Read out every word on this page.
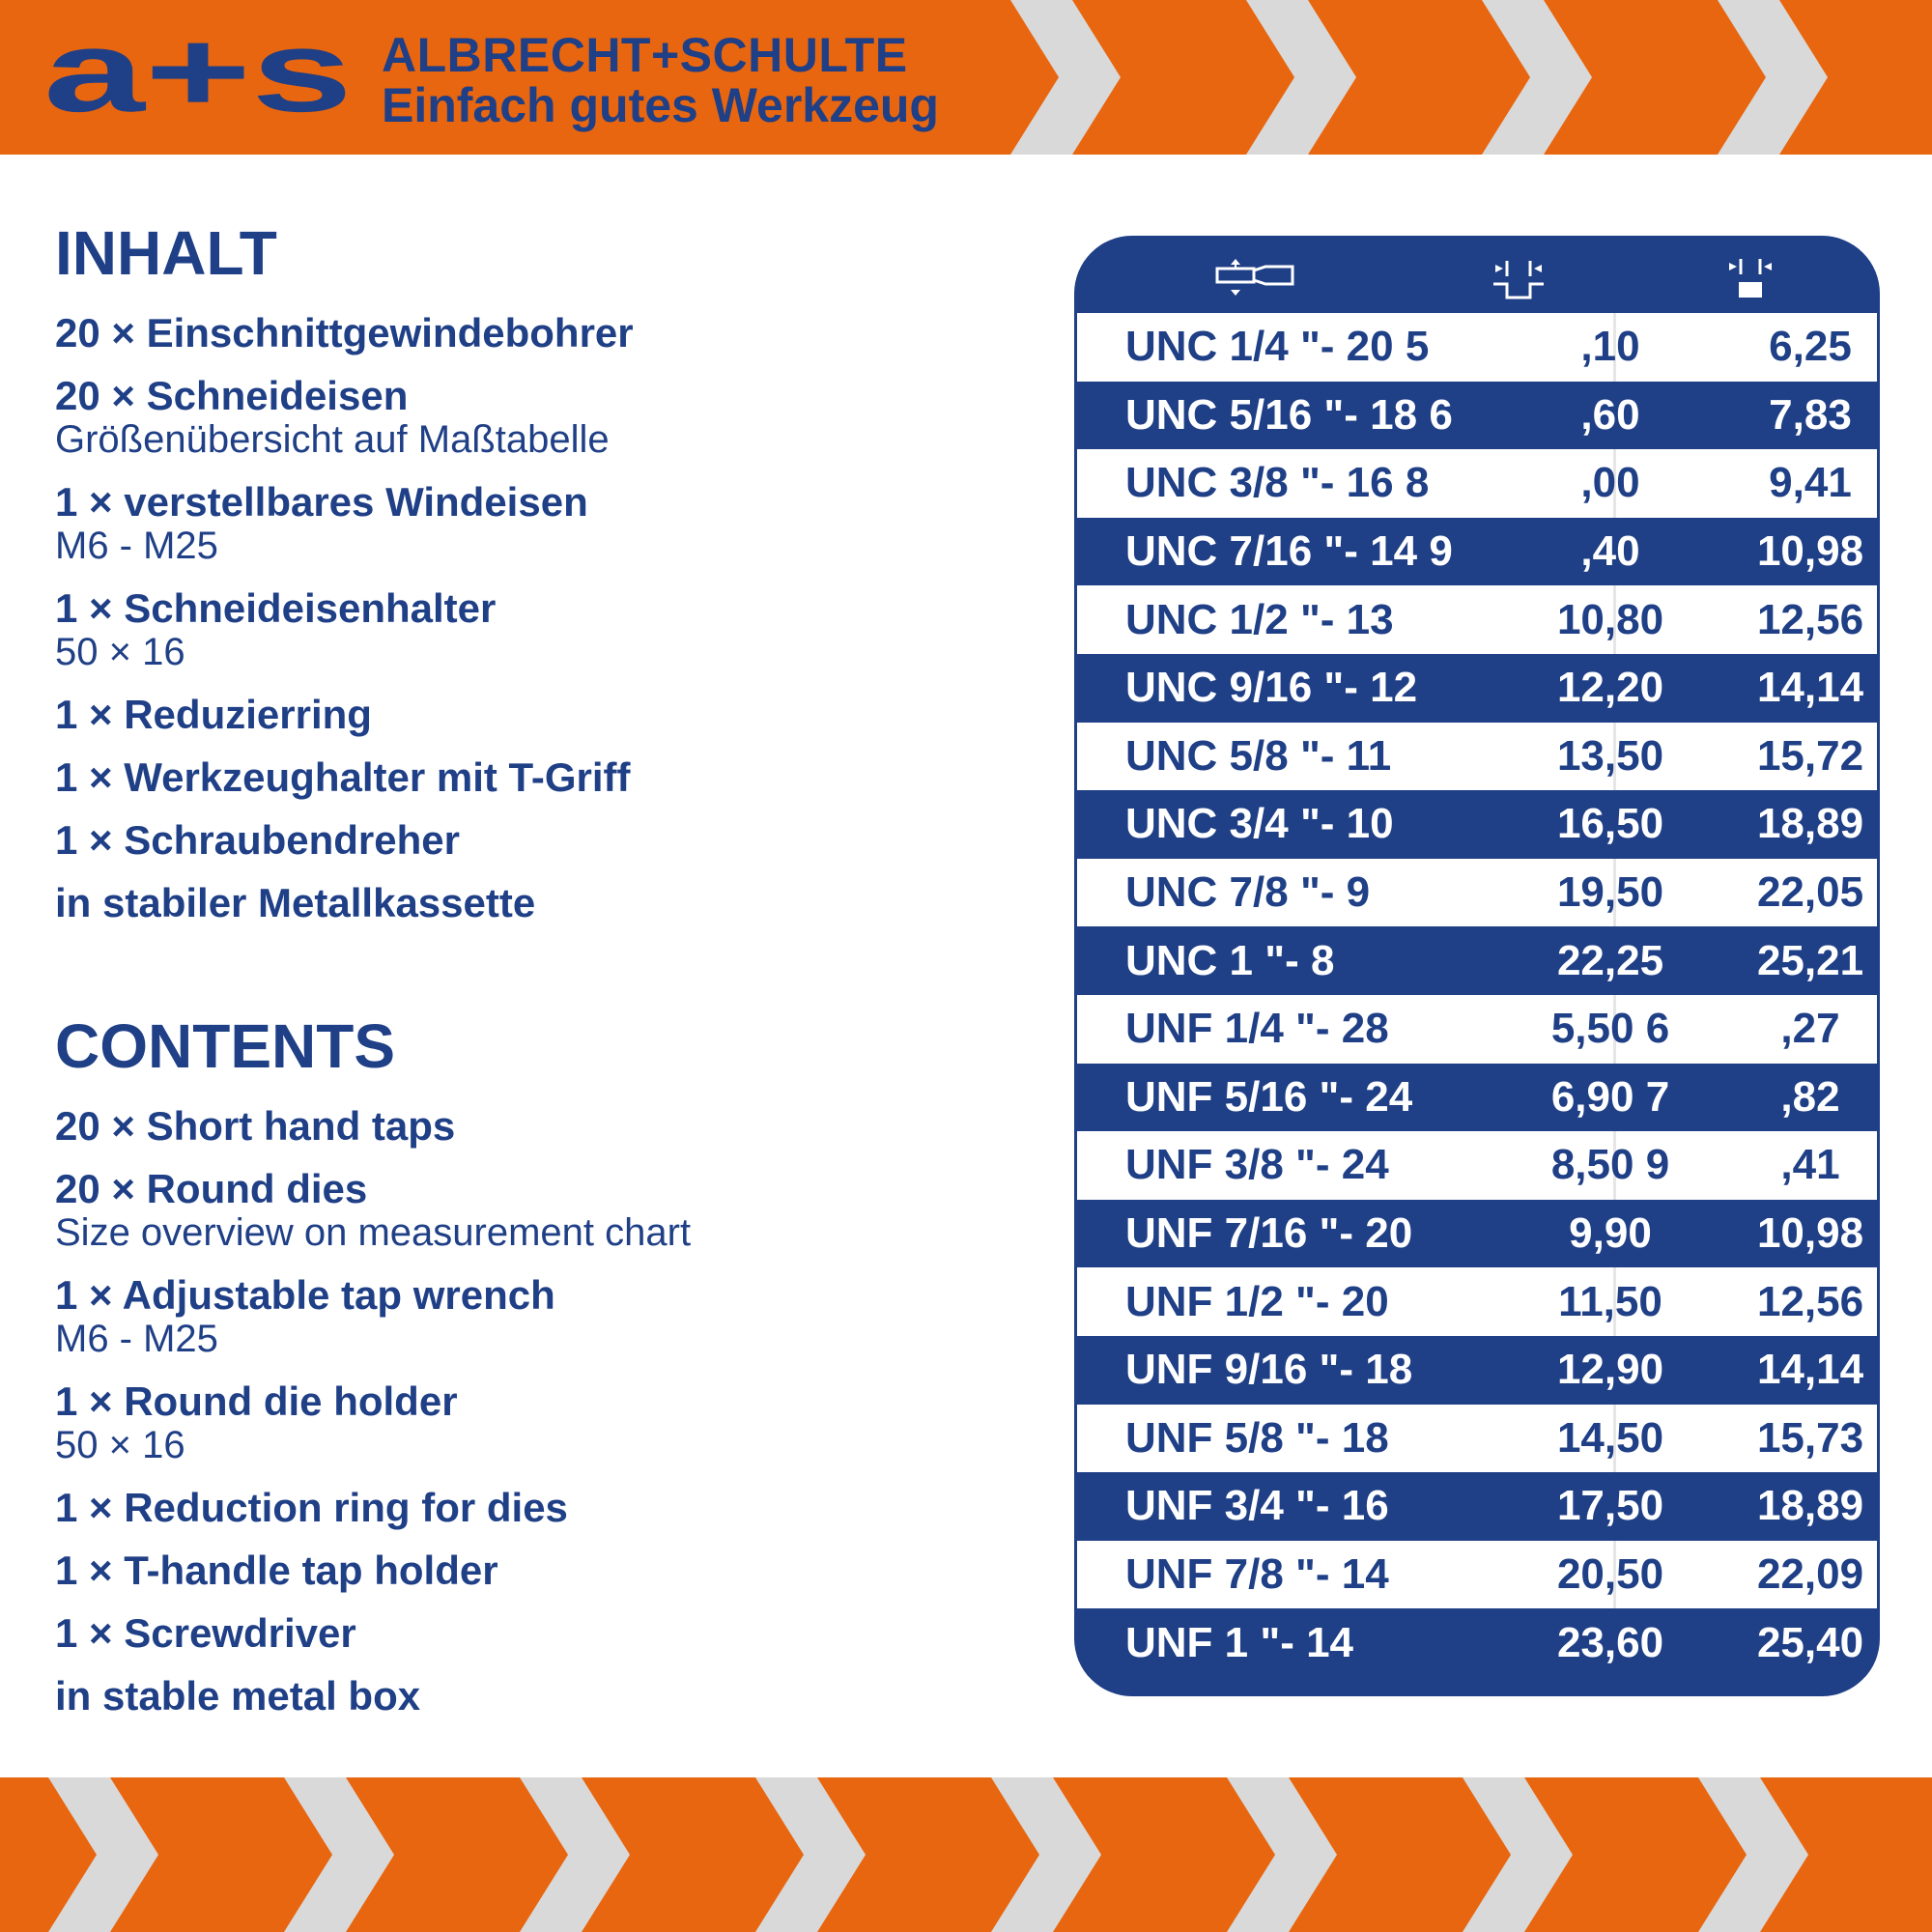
a+s ALBRECHT+SCHULTE
Einfach gutes Werkzeug
INHALT
20 × Einschnittgewindebohrer
20 × Schneideisen
Größenübersicht auf Maßtabelle
1 × verstellbares Windeisen
M6 - M25
1 × Schneideisenhalter
50 × 16
1 × Reduzierring
1 × Werkzeughalter mit T-Griff
1 × Schraubendreher
in stabiler Metallkassette
CONTENTS
20 × Short hand taps
20 × Round dies
Size overview on measurement chart
1 × Adjustable tap wrench
M6 - M25
1 × Round die holder
50 × 16
1 × Reduction ring for dies
1 × T-handle tap holder
1 × Screwdriver
in stable metal box
UNC 1/4 "- 20 5	,10	6,25
UNC 5/16 "- 18 6	,60	7,83
UNC 3/8 "- 16 8	,00	9,41
UNC 7/16 "- 14 9	,40	10,98
UNC 1/2 "- 13	10,80	12,56
UNC 9/16 "- 12	12,20	14,14
UNC 5/8 "- 11	13,50	15,72
UNC 3/4 "- 10	16,50	18,89
UNC 7/8 "- 9	19,50	22,05
UNC 1 "- 8	22,25	25,21
UNF 1/4 "- 28	5,50 6	,27
UNF 5/16 "- 24	6,90 7	,82
UNF 3/8 "- 24	8,50 9	,41
UNF 7/16 "- 20	9,90	10,98
UNF 1/2 "- 20	11,50	12,56
UNF 9/16 "- 18	12,90	14,14
UNF 5/8 "- 18	14,50	15,73
UNF 3/4 "- 16	17,50	18,89
UNF 7/8 "- 14	20,50	22,09
UNF 1 "- 14	23,60	25,40
